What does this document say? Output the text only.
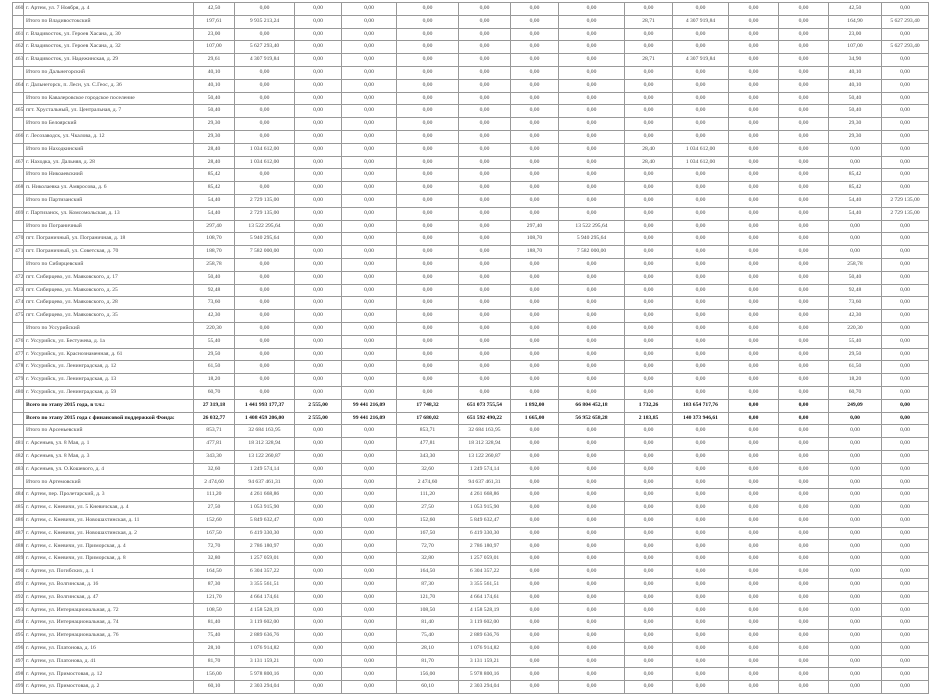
460	г. Артем, ул. 7 Ноября, д. 4	42,50	0,00	0,00	0,00	0,00	0,00	0,00	0,00	0,00	0,00	0,00	0,00	42,50	0,00
	Итого по Владивостокский	197,61	9 935 213,24	0,00	0,00	0,00	0,00	0,00	0,00	28,71	4 307 919,84	0,00	0,00	164,90	5 627 293,40
461	г. Владивосток, ул. Героев Хасана, д. 30	23,00	0,00	0,00	0,00	0,00	0,00	0,00	0,00	0,00	0,00	0,00	0,00	23,00	0,00
462	г. Владивосток, ул. Героев Хасана, д. 32	107,00	5 627 293,40	0,00	0,00	0,00	0,00	0,00	0,00	0,00	0,00	0,00	0,00	107,00	5 627 293,40
463	г. Владивосток, ул. Надежинская, д. 29	29,61	4 307 919,84	0,00	0,00	0,00	0,00	0,00	0,00	28,71	4 307 919,84	0,00	0,00	34,90	0,00
	Итого по Дальнегорский	40,10	0,00	0,00	0,00	0,00	0,00	0,00	0,00	0,00	0,00	0,00	0,00	40,10	0,00
464	г. Дальнегорск, п. Лесн, ул. С.Геос, д. 36	40,10	0,00	0,00	0,00	0,00	0,00	0,00	0,00	0,00	0,00	0,00	0,00	40,10	0,00
	Итого по Кавалеровское городское поселение	50,40	0,00	0,00	0,00	0,00	0,00	0,00	0,00	0,00	0,00	0,00	0,00	50,40	0,00
465	пгт. Хрустальный, ул. Центральная, д. 7	50,40	0,00	0,00	0,00	0,00	0,00	0,00	0,00	0,00	0,00	0,00	0,00	50,40	0,00
	Итого по Белоярский	29,30	0,00	0,00	0,00	0,00	0,00	0,00	0,00	0,00	0,00	0,00	0,00	29,30	0,00
466	г. Лесозаводск, ул. Чкалова, д. 12	29,30	0,00	0,00	0,00	0,00	0,00	0,00	0,00	0,00	0,00	0,00	0,00	29,30	0,00
	Итого по Находкинский	28,40	1 034 612,00	0,00	0,00	0,00	0,00	0,00	0,00	28,40	1 034 612,00	0,00	0,00	0,00	0,00
467	г. Находка, ул. Дальняя, д. 28	28,40	1 034 612,00	0,00	0,00	0,00	0,00	0,00	0,00	28,40	1 034 612,00	0,00	0,00	0,00	0,00
	Итого по Никоаевскиий	85,42	0,00	0,00	0,00	0,00	0,00	0,00	0,00	0,00	0,00	0,00	0,00	85,42	0,00
468	п. Николаевка ул. Амвросова, д. 6	85,42	0,00	0,00	0,00	0,00	0,00	0,00	0,00	0,00	0,00	0,00	0,00	85,42	0,00
	Итого по Партизанский	54,40	2 729 135,00	0,00	0,00	0,00	0,00	0,00	0,00	0,00	0,00	0,00	0,00	54,40	2 729 135,00
469	г. Партизанск, ул. Комсомольская, д. 13	54,40	2 729 135,00	0,00	0,00	0,00	0,00	0,00	0,00	0,00	0,00	0,00	0,00	54,40	2 729 135,00
	Итого по Пограничный	297,40	13 522 295,64	0,00	0,00	0,00	0,00	297,40	13 522 295,64	0,00	0,00	0,00	0,00	0,00	0,00
470	пгт. Пограничный, ул. Пограничная, д. 18	108,70	5 940 295,64	0,00	0,00	0,00	0,00	108,70	5 940 295,64	0,00	0,00	0,00	0,00	0,00	0,00
471	пгт. Пограничный, ул. Советская, д. 70	188,70	7 582 000,00	0,00	0,00	0,00	0,00	188,70	7 582 000,00	0,00	0,00	0,00	0,00	0,00	0,00
	Итого по Сибирцевский	258,78	0,00	0,00	0,00	0,00	0,00	0,00	0,00	0,00	0,00	0,00	0,00	258,78	0,00
472	пгт. Сибирцево, ул. Маяковского, д. 17	50,40	0,00	0,00	0,00	0,00	0,00	0,00	0,00	0,00	0,00	0,00	0,00	50,40	0,00
473	пгт. Сибирцево, ул. Маяковского, д. 25	92,48	0,00	0,00	0,00	0,00	0,00	0,00	0,00	0,00	0,00	0,00	0,00	92,48	0,00
474	пгт. Сибирцево, ул. Маяковского, д. 28	73,60	0,00	0,00	0,00	0,00	0,00	0,00	0,00	0,00	0,00	0,00	0,00	73,60	0,00
475	пгт. Сибирцево, ул. Маяковского, д. 35	42,30	0,00	0,00	0,00	0,00	0,00	0,00	0,00	0,00	0,00	0,00	0,00	42,30	0,00
	Итого по Уссурийский	220,30	0,00	0,00	0,00	0,00	0,00	0,00	0,00	0,00	0,00	0,00	0,00	220,30	0,00
476	г. Уссурийск, ул. Бестужева, д. 1а	55,40	0,00	0,00	0,00	0,00	0,00	0,00	0,00	0,00	0,00	0,00	0,00	55,40	0,00
477	г. Уссурийск, ул. Краснознаменная, д. 61	29,50	0,00	0,00	0,00	0,00	0,00	0,00	0,00	0,00	0,00	0,00	0,00	29,50	0,00
478	г. Уссурийск, ул. Ленинградская, д. 12	61,50	0,00	0,00	0,00	0,00	0,00	0,00	0,00	0,00	0,00	0,00	0,00	61,50	0,00
479	г. Уссурийск, ул. Ленинградская, д. 13	18,20	0,00	0,00	0,00	0,00	0,00	0,00	0,00	0,00	0,00	0,00	0,00	18,20	0,00
480	г. Уссурийск, ул. Ленинградская, д. 59	60,70	0,00	0,00	0,00	0,00	0,00	0,00	0,00	0,00	0,00	0,00	0,00	60,70	0,00
	Всего по этапу 2015 года, в т.ч.:	27 319,18	1 441 993 177,37	2 555,00	99 441 216,09	17 748,32	651 073 755,54	1 892,00	66 804 452,18	1 732,26	183 654 717,76	0,00	0,00	249,09	0,00
	Всего по этапу 2015 года с финансовой поддержкой Фонда:	26 032,77	1 408 459 206,00	2 555,00	99 441 216,09	17 680,02	651 592 490,22	1 665,00	56 952 658,28	2 183,85	140 373 946,61	0,00	0,00	0,00	0,00
	Итого по Арсеньевский	853,71	32 684 163,95	0,00	0,00	853,71	32 684 163,95	0,00	0,00	0,00	0,00	0,00	0,00	0,00	0,00
481	г. Арсеньев, ул. 8 Мая, д. 1	477,81	18 312 328,94	0,00	0,00	477,81	18 312 328,94	0,00	0,00	0,00	0,00	0,00	0,00	0,00	0,00
482	г. Арсеньев, ул. 8 Мая, д. 3	343,30	13 122 260,87	0,00	0,00	343,30	13 122 260,87	0,00	0,00	0,00	0,00	0,00	0,00	0,00	0,00
483	г. Арсеньев, ул. О.Кошевого, д. 4	32,60	1 249 574,14	0,00	0,00	32,60	1 249 574,14	0,00	0,00	0,00	0,00	0,00	0,00	0,00	0,00
	Итого по Артемовский	2 474,60	94 637 461,31	0,00	0,00	2 474,60	94 637 461,31	0,00	0,00	0,00	0,00	0,00	0,00	0,00	0,00
484	г. Артем, пер. Пролетарский, д. 3	111,20	4 261 668,86	0,00	0,00	111,20	4 261 668,86	0,00	0,00	0,00	0,00	0,00	0,00	0,00	0,00
485	г. Артем, с. Кневичи, ул. 5 Кневичская, д. 4	27,50	1 053 915,90	0,00	0,00	27,50	1 053 915,90	0,00	0,00	0,00	0,00	0,00	0,00	0,00	0,00
486	г. Артем, с. Кневичи, ул. Новошахтинская, д. 11	152,60	5 849 632,47	0,00	0,00	152,60	5 849 632,47	0,00	0,00	0,00	0,00	0,00	0,00	0,00	0,00
487	г. Артем, с. Кневичи, ул. Новошахтинская, д. 2	167,50	6 419 330,30	0,00	0,00	167,50	6 419 330,30	0,00	0,00	0,00	0,00	0,00	0,00	0,00	0,00
488	г. Артем, с. Кневичи, ул. Приморская, д. 4	72,70	2 786 180,97	0,00	0,00	72,70	2 786 180,97	0,00	0,00	0,00	0,00	0,00	0,00	0,00	0,00
489	г. Артем, с. Кневичи, ул. Приморская, д. 8	32,80	1 257 059,01	0,00	0,00	32,80	1 257 059,01	0,00	0,00	0,00	0,00	0,00	0,00	0,00	0,00
490	г. Артем, ул. Погибских, д. 1	164,50	6 304 357,22	0,00	0,00	164,50	6 304 357,22	0,00	0,00	0,00	0,00	0,00	0,00	0,00	0,00
491	г. Артем, ул. Волгинская, д. 16	87,30	3 355 561,51	0,00	0,00	87,30	3 355 561,51	0,00	0,00	0,00	0,00	0,00	0,00	0,00	0,00
492	г. Артем, ул. Волгинская, д. 47	121,70	4 664 174,61	0,00	0,00	121,70	4 664 174,61	0,00	0,00	0,00	0,00	0,00	0,00	0,00	0,00
493	г. Артем, ул. Интернациональная, д. 72	108,50	4 158 528,19	0,00	0,00	108,50	4 158 528,19	0,00	0,00	0,00	0,00	0,00	0,00	0,00	0,00
494	г. Артем, ул. Интернациональная, д. 74	81,40	3 119 602,00	0,00	0,00	81,40	3 119 602,00	0,00	0,00	0,00	0,00	0,00	0,00	0,00	0,00
495	г. Артем, ул. Интернациональная, д. 76	75,40	2 889 636,76	0,00	0,00	75,40	2 889 636,76	0,00	0,00	0,00	0,00	0,00	0,00	0,00	0,00
496	г. Артем, ул. Платонова, д. 16	28,10	1 076 914,82	0,00	0,00	28,10	1 076 914,82	0,00	0,00	0,00	0,00	0,00	0,00	0,00	0,00
497	г. Артем, ул. Платонова, д. 41	81,70	3 131 159,21	0,00	0,00	81,70	3 131 159,21	0,00	0,00	0,00	0,00	0,00	0,00	0,00	0,00
498	г. Артем, ул. Примостовая, д. 12	156,00	5 978 800,16	0,00	0,00	156,00	5 978 800,16	0,00	0,00	0,00	0,00	0,00	0,00	0,00	0,00
499	г. Артем, ул. Примостовая, д. 2	60,10	2 303 294,04	0,00	0,00	60,10	2 303 294,04	0,00	0,00	0,00	0,00	0,00	0,00	0,00	0,00
